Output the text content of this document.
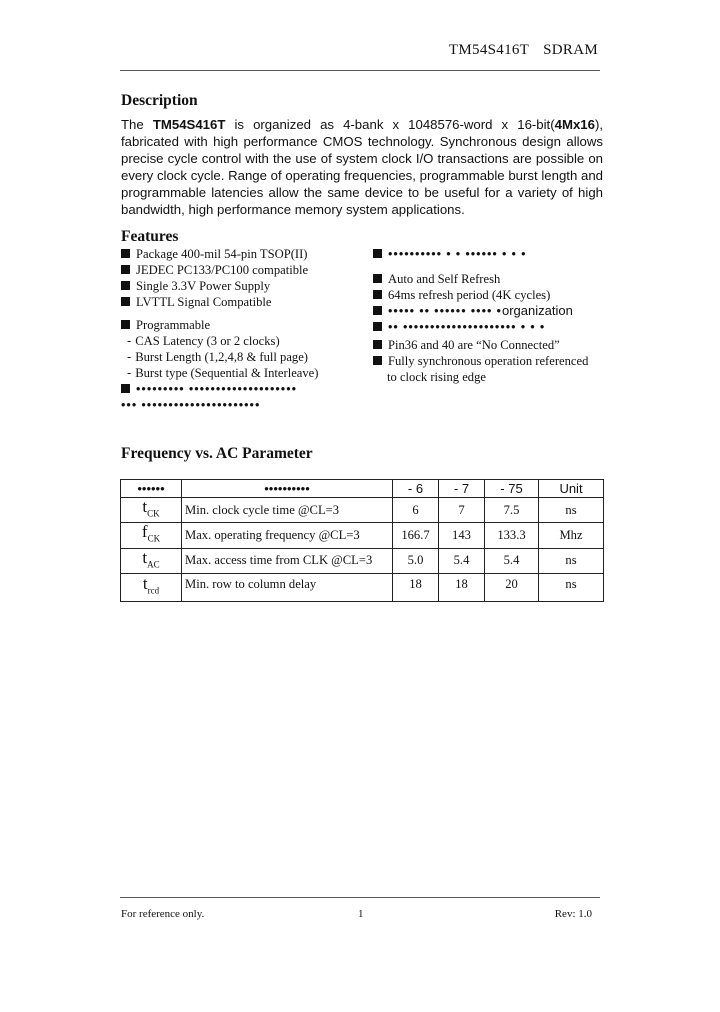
TM54S416T SDRAM
Description
The TM54S416T is organized as 4-bank x 1048576-word x 16-bit(4Mx16), fabricated with high performance CMOS technology. Synchronous design allows precise cycle control with the use of system clock I/O transactions are possible on every clock cycle. Range of operating frequencies, programmable burst length and programmable latencies allow the same device to be useful for a variety of high bandwidth, high performance memory system applications.
Features
Package 400-mil 54-pin TSOP(II)
JEDEC PC133/PC100 compatible
Single 3.3V Power Supply
LVTTL Signal Compatible
Programmable
- CAS Latency (3 or 2 clocks)
- Burst Length (1,2,4,8 & full page)
- Burst type (Sequential & Interleave)
••••••••• ••••••••••••••••••••
••• ••••••••••••••••••••••
•••••••••• • • •••••• • • •
Auto and Self Refresh
64ms refresh period (4K cycles)
••••• •• •••••• •••• •organization
•• ••••••••••••••••••••• • • •
Pin36 and 40 are “No Connected”
Fully synchronous operation referenced
to clock rising edge
Frequency vs. AC Parameter
••••••	••••••••••	- 6	- 7	- 75	Unit
$t_{CK}$	Min. clock cycle time @CL=3	6	7	7.5	ns
$f_{CK}$	Max. operating frequency @CL=3	166.7	143	133.3	Mhz
$t_{AC}$	Max. access time from CLK @CL=3	5.0	5.4	5.4	ns
$t_{rcd}$	Min. row to column delay	18	18	20	ns
For reference only.	1	Rev: 1.0
